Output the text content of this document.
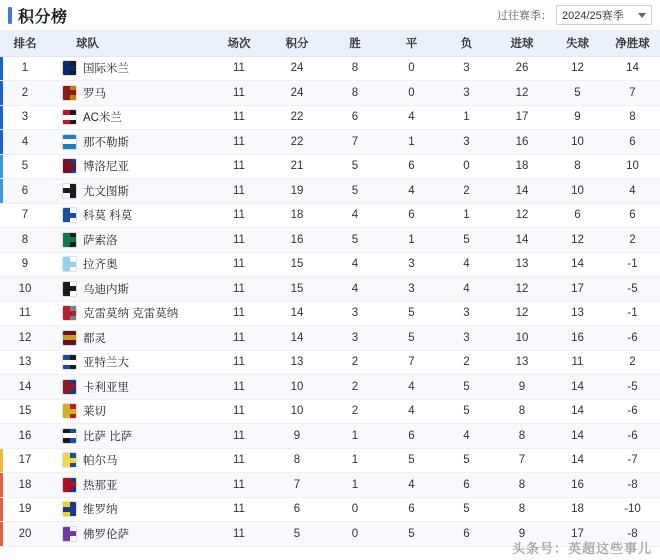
积分榜	过往赛季： 2024/25赛季
排名	球队	场次	积分	胜	平	负	进球	失球	净胜球

1	国际米兰	11	24	8	0	3	26	12	14

2	罗马	11	24	8	0	3	12	5	7

3	AC米兰	11	22	6	4	1	17	9	8

4	那不勒斯	11	22	7	1	3	16	10	6

5	博洛尼亚	11	21	5	6	0	18	8	10

6	尤文图斯	11	19	5	4	2	14	10	4
7	科莫 科莫	11	18	4	6	1	12	6	6
8	萨索洛	11	16	5	1	5	14	12	2
9	拉齐奥	11	15	4	3	4	13	14	-1
10	乌迪内斯	11	15	4	3	4	12	17	-5
11	克雷莫纳 克雷莫纳	11	14	3	5	3	12	13	-1
12	都灵	11	14	3	5	3	10	16	-6
13	亚特兰大	11	13	2	7	2	13	11	2
14	卡利亚里	11	10	2	4	5	9	14	-5
15	莱切	11	10	2	4	5	8	14	-6
16	比萨 比萨	11	9	1	6	4	8	14	-6

17	帕尔马	11	8	1	5	5	7	14	-7

18	热那亚	11	7	1	4	6	8	16	-8

19	维罗纳	11	6	0	6	5	8	18	-10

20	佛罗伦萨	11	5	0	5	6	9	17	-8
头条号：英超这些事儿
